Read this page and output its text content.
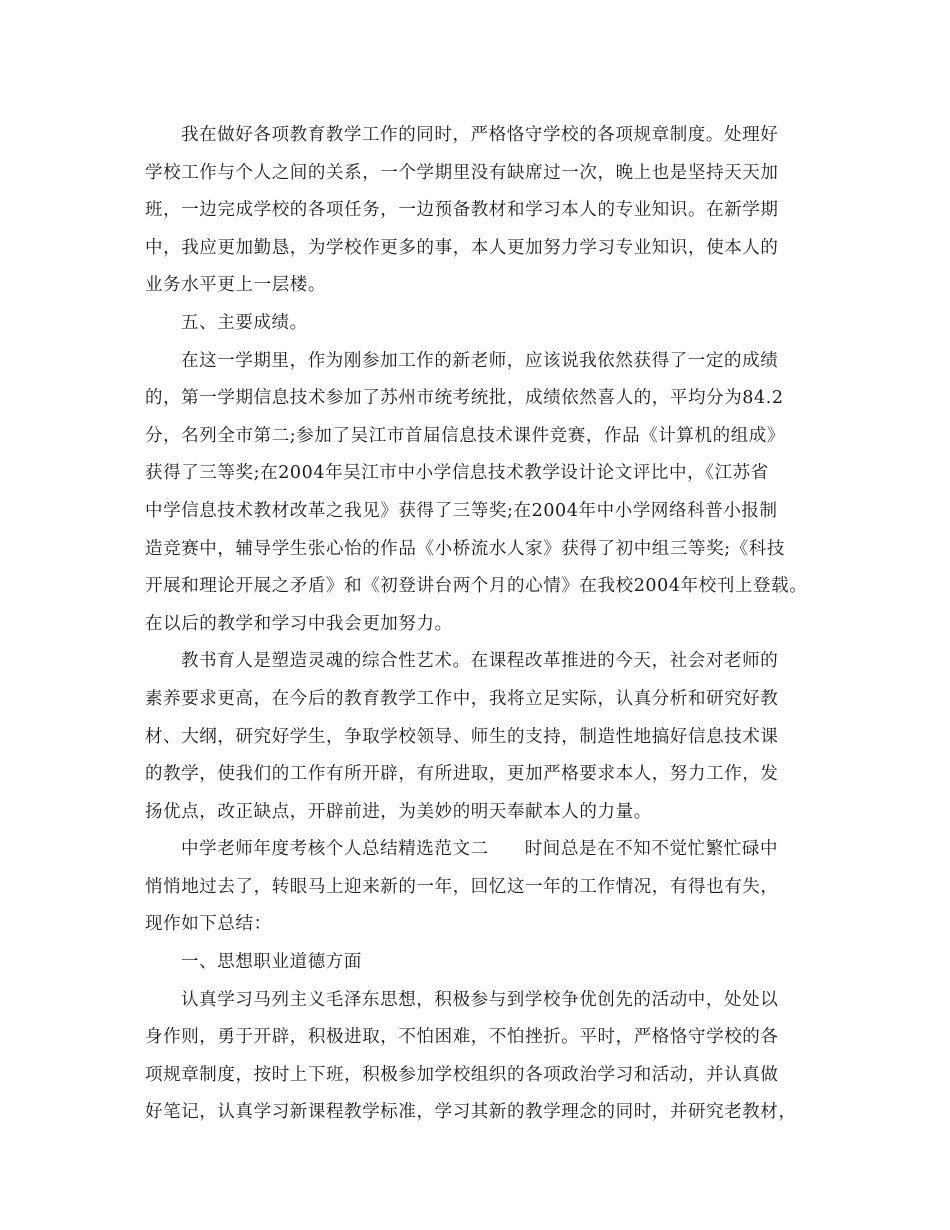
我在做好各项教育教学工作的同时，严格恪守学校的各项规章制度。处理好
学校工作与个人之间的关系，一个学期里没有缺席过一次，晚上也是坚持天天加
班，一边完成学校的各项任务，一边预备教材和学习本人的专业知识。在新学期
中，我应更加勤恳，为学校作更多的事，本人更加努力学习专业知识，使本人的
业务水平更上一层楼。
五、主要成绩。
在这一学期里，作为刚参加工作的新老师，应该说我依然获得了一定的成绩
的，第一学期信息技术参加了苏州市统考统批，成绩依然喜人的，平均分为84.2
分，名列全市第二;参加了吴江市首届信息技术课件竞赛，作品《计算机的组成》
获得了三等奖;在2004年吴江市中小学信息技术教学设计论文评比中，《江苏省
中学信息技术教材改革之我见》获得了三等奖;在2004年中小学网络科普小报制
造竞赛中，辅导学生张心怡的作品《小桥流水人家》获得了初中组三等奖;《科技
开展和理论开展之矛盾》和《初登讲台两个月的心情》在我校2004年校刊上登载。
在以后的教学和学习中我会更加努力。
教书育人是塑造灵魂的综合性艺术。在课程改革推进的今天，社会对老师的
素养要求更高，在今后的教育教学工作中，我将立足实际，认真分析和研究好教
材、大纲，研究好学生，争取学校领导、师生的支持，制造性地搞好信息技术课
的教学，使我们的工作有所开辟，有所进取，更加严格要求本人，努力工作，发
扬优点，改正缺点，开辟前进，为美妙的明天奉献本人的力量。
中学老师年度考核个人总结精选范文二 时间总是在不知不觉忙繁忙碌中
悄悄地过去了，转眼马上迎来新的一年，回忆这一年的工作情况，有得也有失，
现作如下总结：
一、思想职业道德方面
认真学习马列主义毛泽东思想，积极参与到学校争优创先的活动中，处处以
身作则，勇于开辟，积极进取，不怕困难，不怕挫折。平时，严格恪守学校的各
项规章制度，按时上下班，积极参加学校组织的各项政治学习和活动，并认真做
好笔记，认真学习新课程教学标准，学习其新的教学理念的同时，并研究老教材，
